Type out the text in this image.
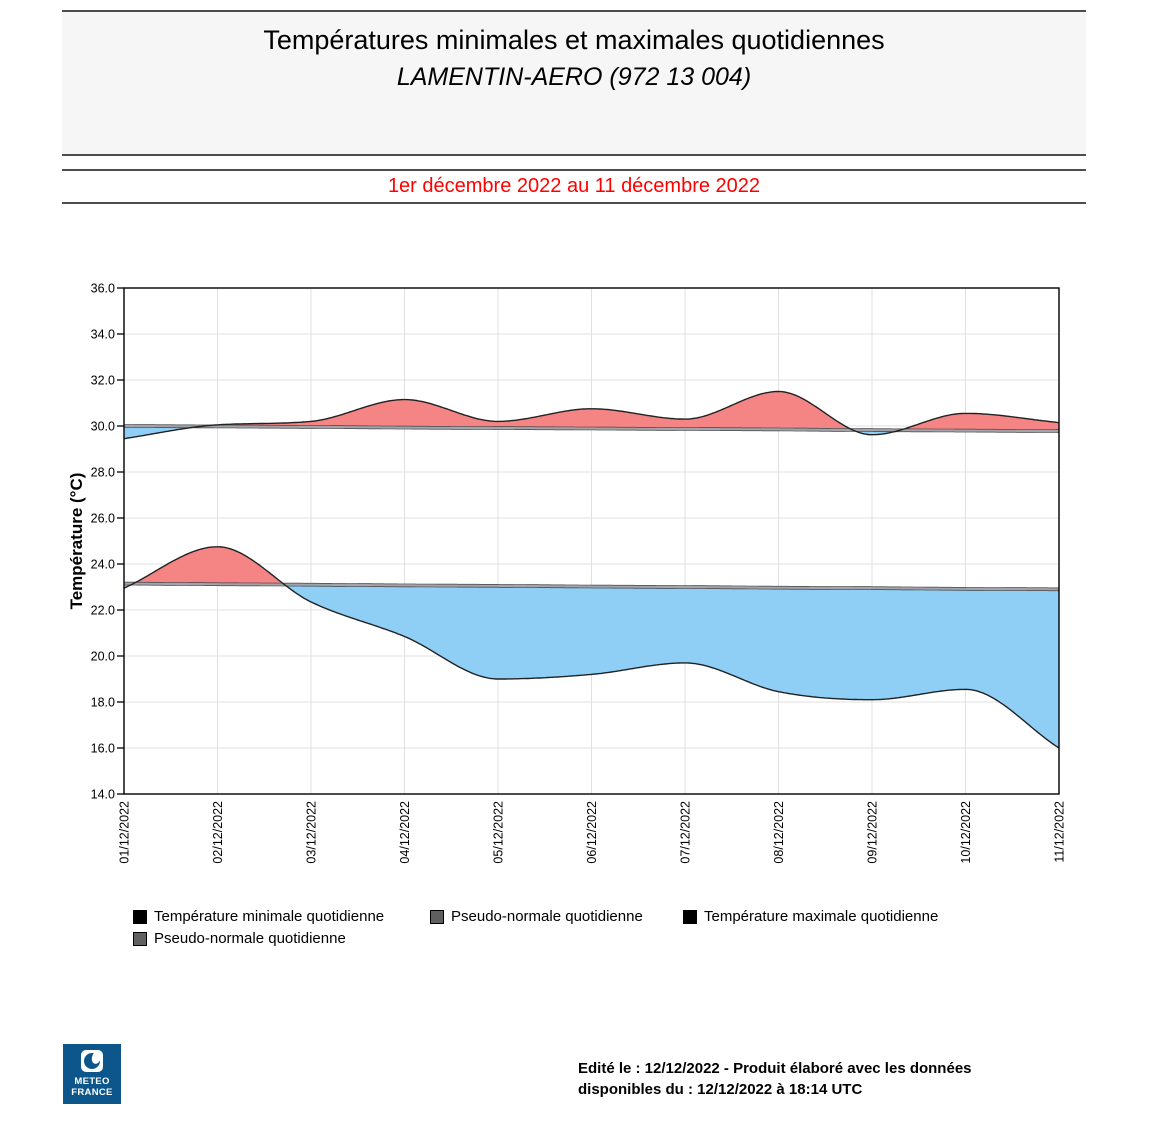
Températures minimales et maximales quotidiennes
LAMENTIN-AERO (972 13 004)
1er décembre 2022 au 11 décembre 2022
14.0
16.0
18.0
20.0
22.0
24.0
26.0
28.0
30.0
32.0
34.0
36.0
01/12/2022	02/12/2022	03/12/2022	04/12/2022	05/12/2022	06/12/2022	07/12/2022	08/12/2022	09/12/2022	10/12/2022	11/12/2022
Température (°C)
Température minimale quotidienne	Pseudo-normale quotidienne	Température maximale quotidienne
Pseudo-normale quotidienne
METEO
FRANCE
Edité le : 12/12/2022 - Produit élaboré avec les données
disponibles du : 12/12/2022 à 18:14 UTC
